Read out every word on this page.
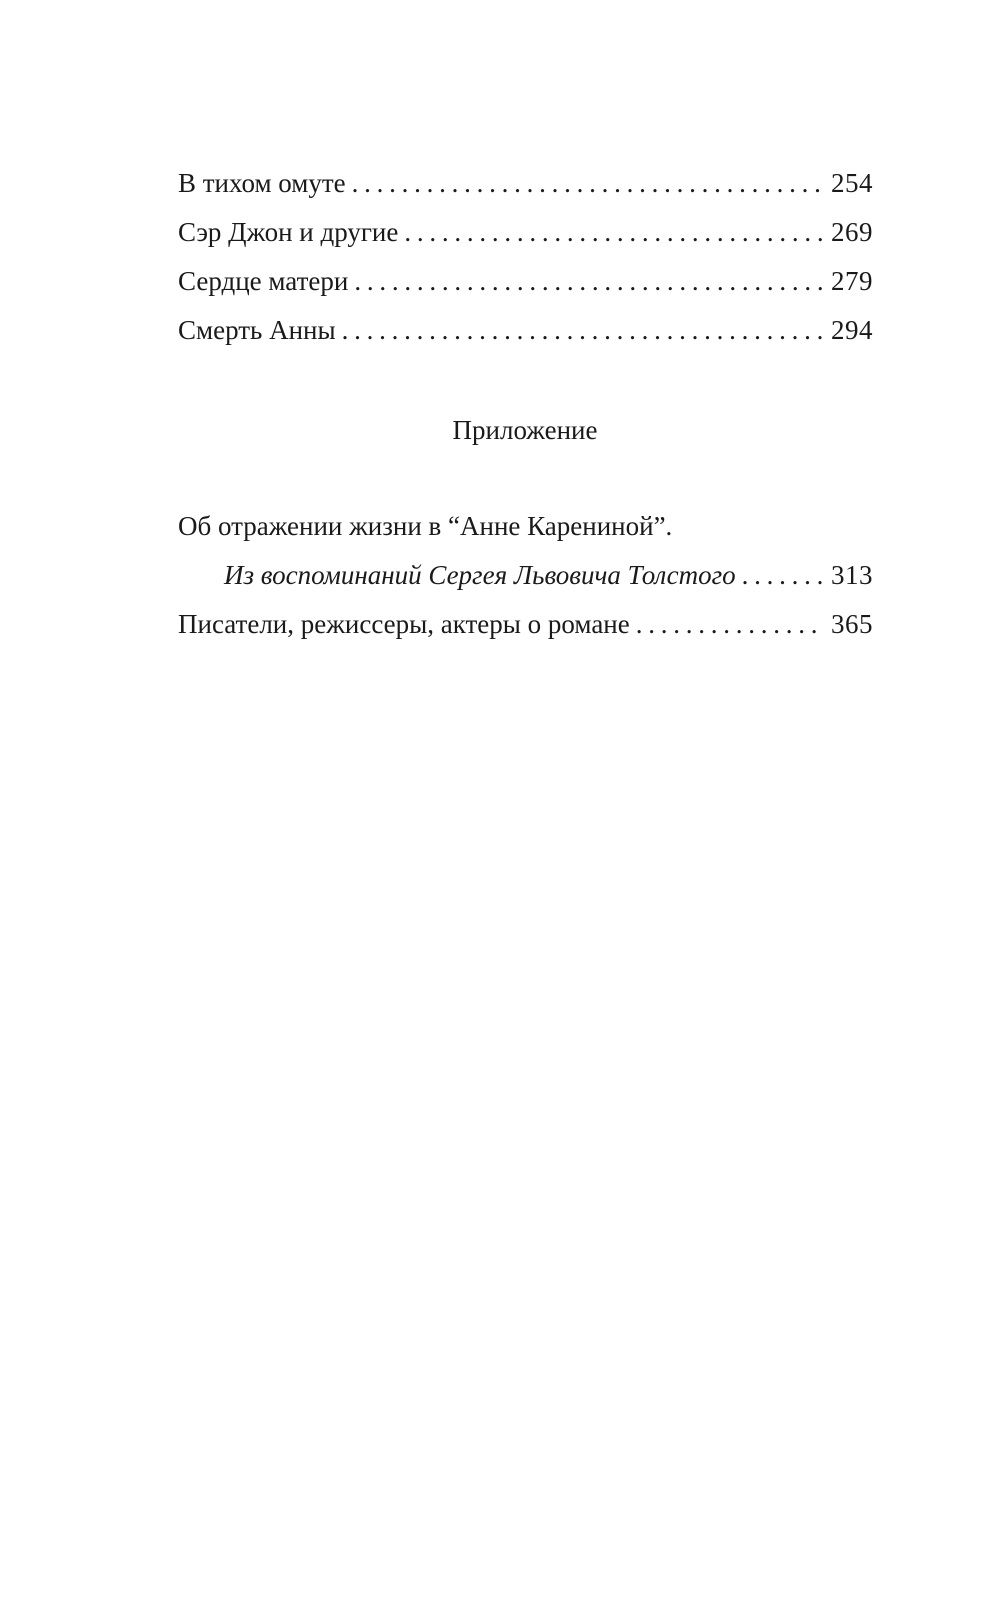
В тихом омуте . . .	254
Сэр Джон и другие . . .	269
Сердце матери . . .	279
Смерть Анны . . .	294
Приложение
Об отражении жизни в “Анне Карениной”.
Из воспоминаний Сергея Львовича Толстого . . .	313
Писатели, режиссеры, актеры о романе . . .	365
